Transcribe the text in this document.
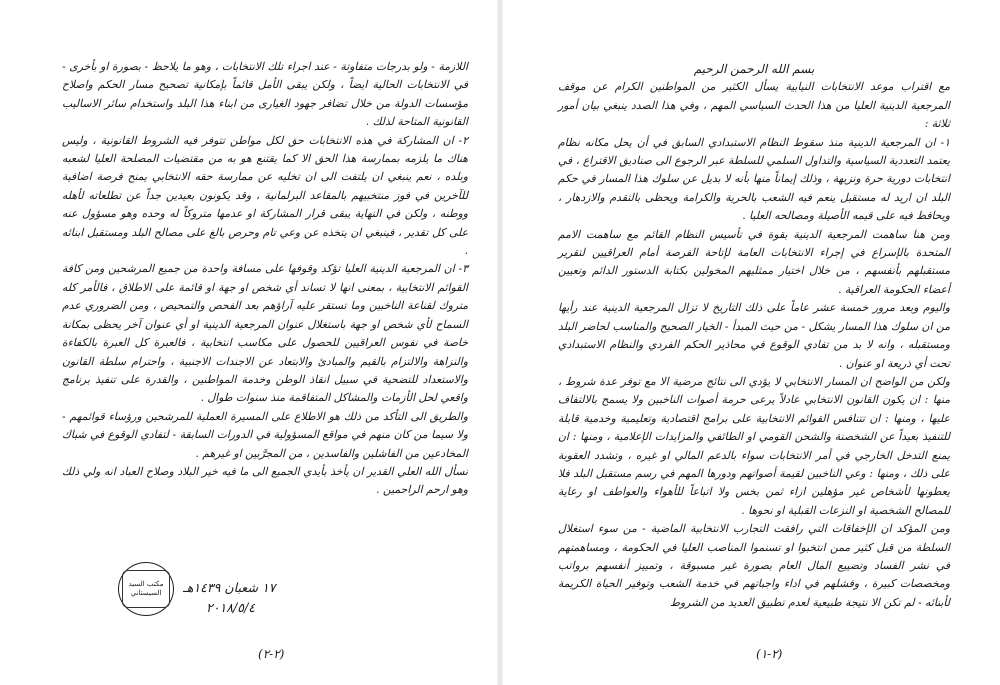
اللازمة - ولو بدرجات متفاوتة - عند اجراء تلك الانتخابات ، وهو ما يلاحظ - بصورة او بأخرى - في الانتخابات الحالية ايضاً ، ولكن يبقى الأمل قائماً بإمكانية تصحيح مسار الحكم واصلاح مؤسسات الدولة من خلال تضافر جهود الغيارى من ابناء هذا البلد واستخدام سائر الاساليب القانونية المتاحة لذلك .

٢- ان المشاركة في هذه الانتخابات حق لكل مواطن تتوفر فيه الشروط القانونية ، وليس هناك ما يلزمه بممارسة هذا الحق الا كما يقتنع هو به من مقتضيات المصلحة العليا لشعبه وبلده ، نعم ينبغي ان يلتفت الى ان تخليه عن ممارسة حقه الانتخابي يمنح فرصة اضافية للآخرين في فوز منتخبيهم بالمقاعد البرلمانية ، وقد يكونون بعيدين جداً عن تطلعاته لأهله ووطنه ، ولكن في النهاية يبقى قرار المشاركة او عدمها متروكاً له وحده وهو مسؤول عنه على كل تقدير ، فينبغي ان يتخذه عن وعي تام وحرص بالغ على مصالح البلد ومستقبل ابنائه .

٣- ان المرجعية الدينية العليا تؤكد وقوفها على مسافة واحدة من جميع المرشحين ومن كافة القوائم الانتخابية ، بمعنى انها لا تساند أي شخص او جهة او قائمة على الاطلاق ، فالأمر كله متروك لقناعة الناخبين وما تستقر عليه آراؤهم بعد الفحص والتمحيص ، ومن الضروري عدم السماح لأي شخص او جهة باستغلال عنوان المرجعية الدينية او أي عنوان آخر يحظى بمكانة خاصة في نفوس العراقيين للحصول على مكاسب انتخابية ، فالعبرة كل العبرة بالكفاءة والنزاهة والالتزام بالقيم والمبادئ والابتعاد عن الاجندات الاجنبية ، واحترام سلطة القانون والاستعداد للتضحية في سبيل انقاذ الوطن وخدمة المواطنين ، والقدرة على تنفيذ برنامج واقعي لحل الأزمات والمشاكل المتفاقمة منذ سنوات طوال .

والطريق الى التأكد من ذلك هو الاطلاع على المسيرة العملية للمرشحين ورؤساء قوائمهم - ولا سيما من كان منهم في مواقع المسؤولية في الدورات السابقة - لتفادي الوقوع في شباك المخادعين من الفاشلين والفاسدين ، من المجرَّبين او غيرهم .

نسأل الله العلي القدير ان يأخذ بأيدي الجميع الى ما فيه خير البلاد وصلاح العباد انه ولي ذلك وهو ارحم الراحمين .

١٧ شعبان ١٤٣٩هـ
٢٠١٨/٥/٤
مكتب السيد السيستاني
(٢-٢)

بسم الله الرحمن الرحيم

مع اقتراب موعد الانتخابات النيابية يسأل الكثير من المواطنين الكرام عن موقف المرجعية الدينية العليا من هذا الحدث السياسي المهم ، وفي هذا الصدد ينبغي بيان أمور ثلاثة :

١- ان المرجعية الدينية منذ سقوط النظام الاستبدادي السابق في أن يحل مكانه نظام يعتمد التعددية السياسية والتداول السلمي للسلطة عبر الرجوع الى صناديق الاقتراع ، في انتخابات دورية حرة ونزيهة ، وذلك إيماناً منها بأنه لا بديل عن سلوك هذا المسار في حكم البلد ان اريد له مستقبل ينعم فيه الشعب بالحرية والكرامة ويحظى بالتقدم والازدهار ، ويحافظ فيه على قيمه الأصيلة ومصالحه العليا .

ومن هنا ساهمت المرجعية الدينية بقوة في تأسيس النظام القائم مع ساهمت الامم المتحدة بالإسراع في إجراء الانتخابات العامة لإتاحة الفرصة أمام العراقيين لتقرير مستقبلهم بأنفسهم ، من خلال اختيار ممثليهم المخولين بكتابة الدستور الدائم وتعيين أعضاء الحكومة العراقية .

واليوم وبعد مرور خمسة عشر عاماً على ذلك التاريخ لا تزال المرجعية الدينية عند رأيها من ان سلوك هذا المسار يشكل - من حيث المبدأ - الخيار الصحيح والمناسب لحاضر البلد ومستقبله ، وانه لا بد من تفادي الوقوع في محاذير الحكم الفردي والنظام الاستبدادي تحت أي ذريعة او عنوان .

ولكن من الواضح ان المسار الانتخابي لا يؤدي الى نتائج مرضية الا مع توفر عدة شروط ، منها : ان يكون القانون الانتخابي عادلاً يرعى حرمة أصوات الناخبين ولا يسمح بالالتفاف عليها ، ومنها : ان تتنافس القوائم الانتخابية على برامج اقتصادية وتعليمية وخدمية قابلة للتنفيذ بعيداً عن الشخصنة والشحن القومي او الطائفي والمزايدات الإعلامية ، ومنها : ان يمنع التدخل الخارجي في أمر الانتخابات سواء بالدعم المالي او غيره ، وتشدد العقوبة على ذلك ، ومنها : وعي الناخبين لقيمة أصواتهم ودورها المهم في رسم مستقبل البلد فلا يعطونها لأشخاص غير مؤهلين ازاء ثمن بخس ولا اتباعاً للأهواء والعواطف او رعاية للمصالح الشخصية او النزعات القبلية او نحوها .

ومن المؤكد ان الإخفاقات التي رافقت التجارب الانتخابية الماضية - من سوء استغلال السلطة من قبل كثير ممن انتخبوا او تسنموا المناصب العليا في الحكومة ، ومساهمتهم في نشر الفساد وتضييع المال العام بصورة غير مسبوقة ، وتمييز أنفسهم برواتب ومخصصات كبيرة ، وفشلهم في اداء واجباتهم في خدمة الشعب وتوفير الحياة الكريمة لأبنائه - لم تكن الا نتيجة طبيعية لعدم تطبيق العديد من الشروط

(٢-١)
